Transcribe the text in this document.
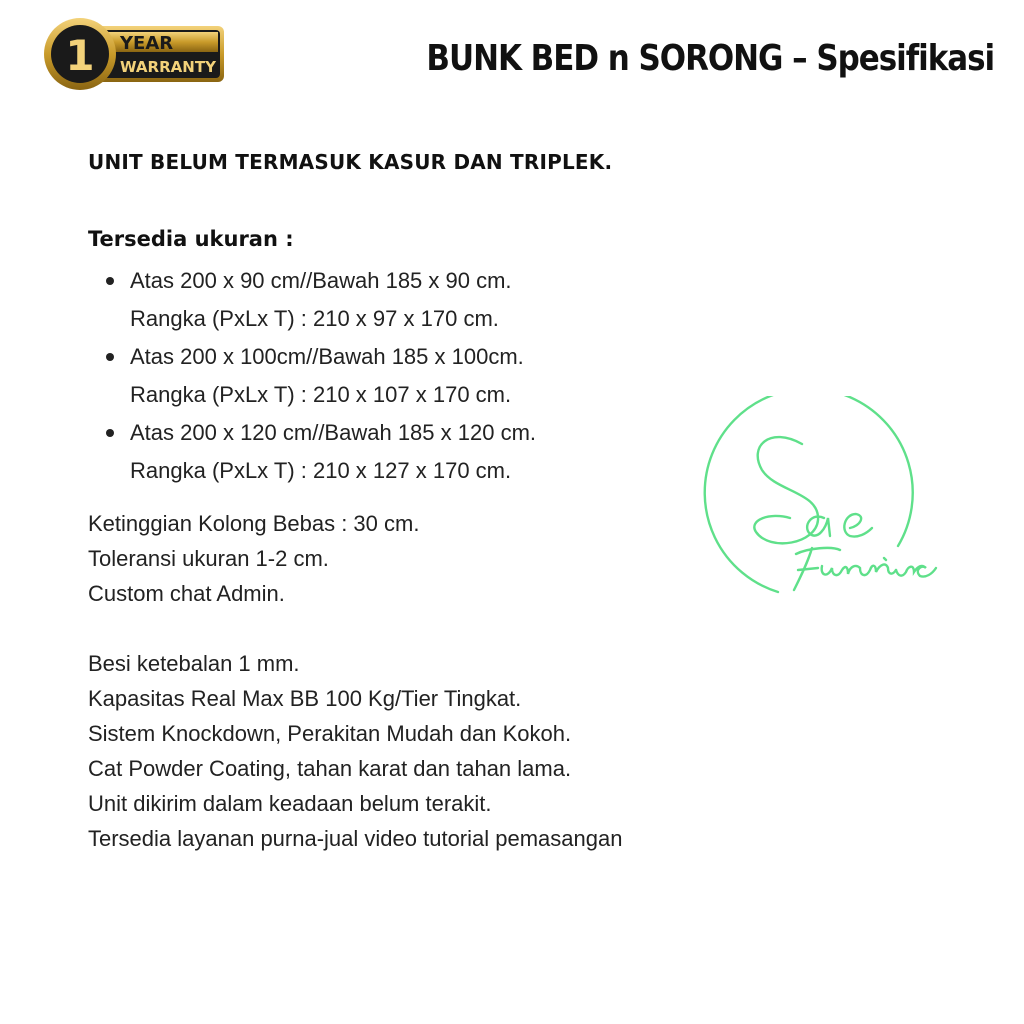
1 YEAR
WARRANTY	BUNK BED n SORONG – Spesifikasi
UNIT BELUM TERMASUK KASUR DAN TRIPLEK.
Tersedia ukuran :
Atas 200 x 90 cm//Bawah 185 x 90 cm.
Rangka (PxLx T) : 210 x 97 x 170 cm.
Atas 200 x 100cm//Bawah 185 x 100cm.
Rangka (PxLx T) : 210 x 107 x 170 cm.
Atas 200 x 120 cm//Bawah 185 x 120 cm.
Rangka (PxLx T) : 210 x 127 x 170 cm.

Ketinggian Kolong Bebas : 30 cm.

Toleransi ukuran 1-2 cm.

Custom chat Admin.

Besi ketebalan 1 mm.

Kapasitas Real Max BB 100 Kg/Tier Tingkat.

Sistem Knockdown, Perakitan Mudah dan Kokoh.

Cat Powder Coating, tahan karat dan tahan lama.

Unit dikirim dalam keadaan belum terakit.

Tersedia layanan purna-jual video tutorial pemasangan
